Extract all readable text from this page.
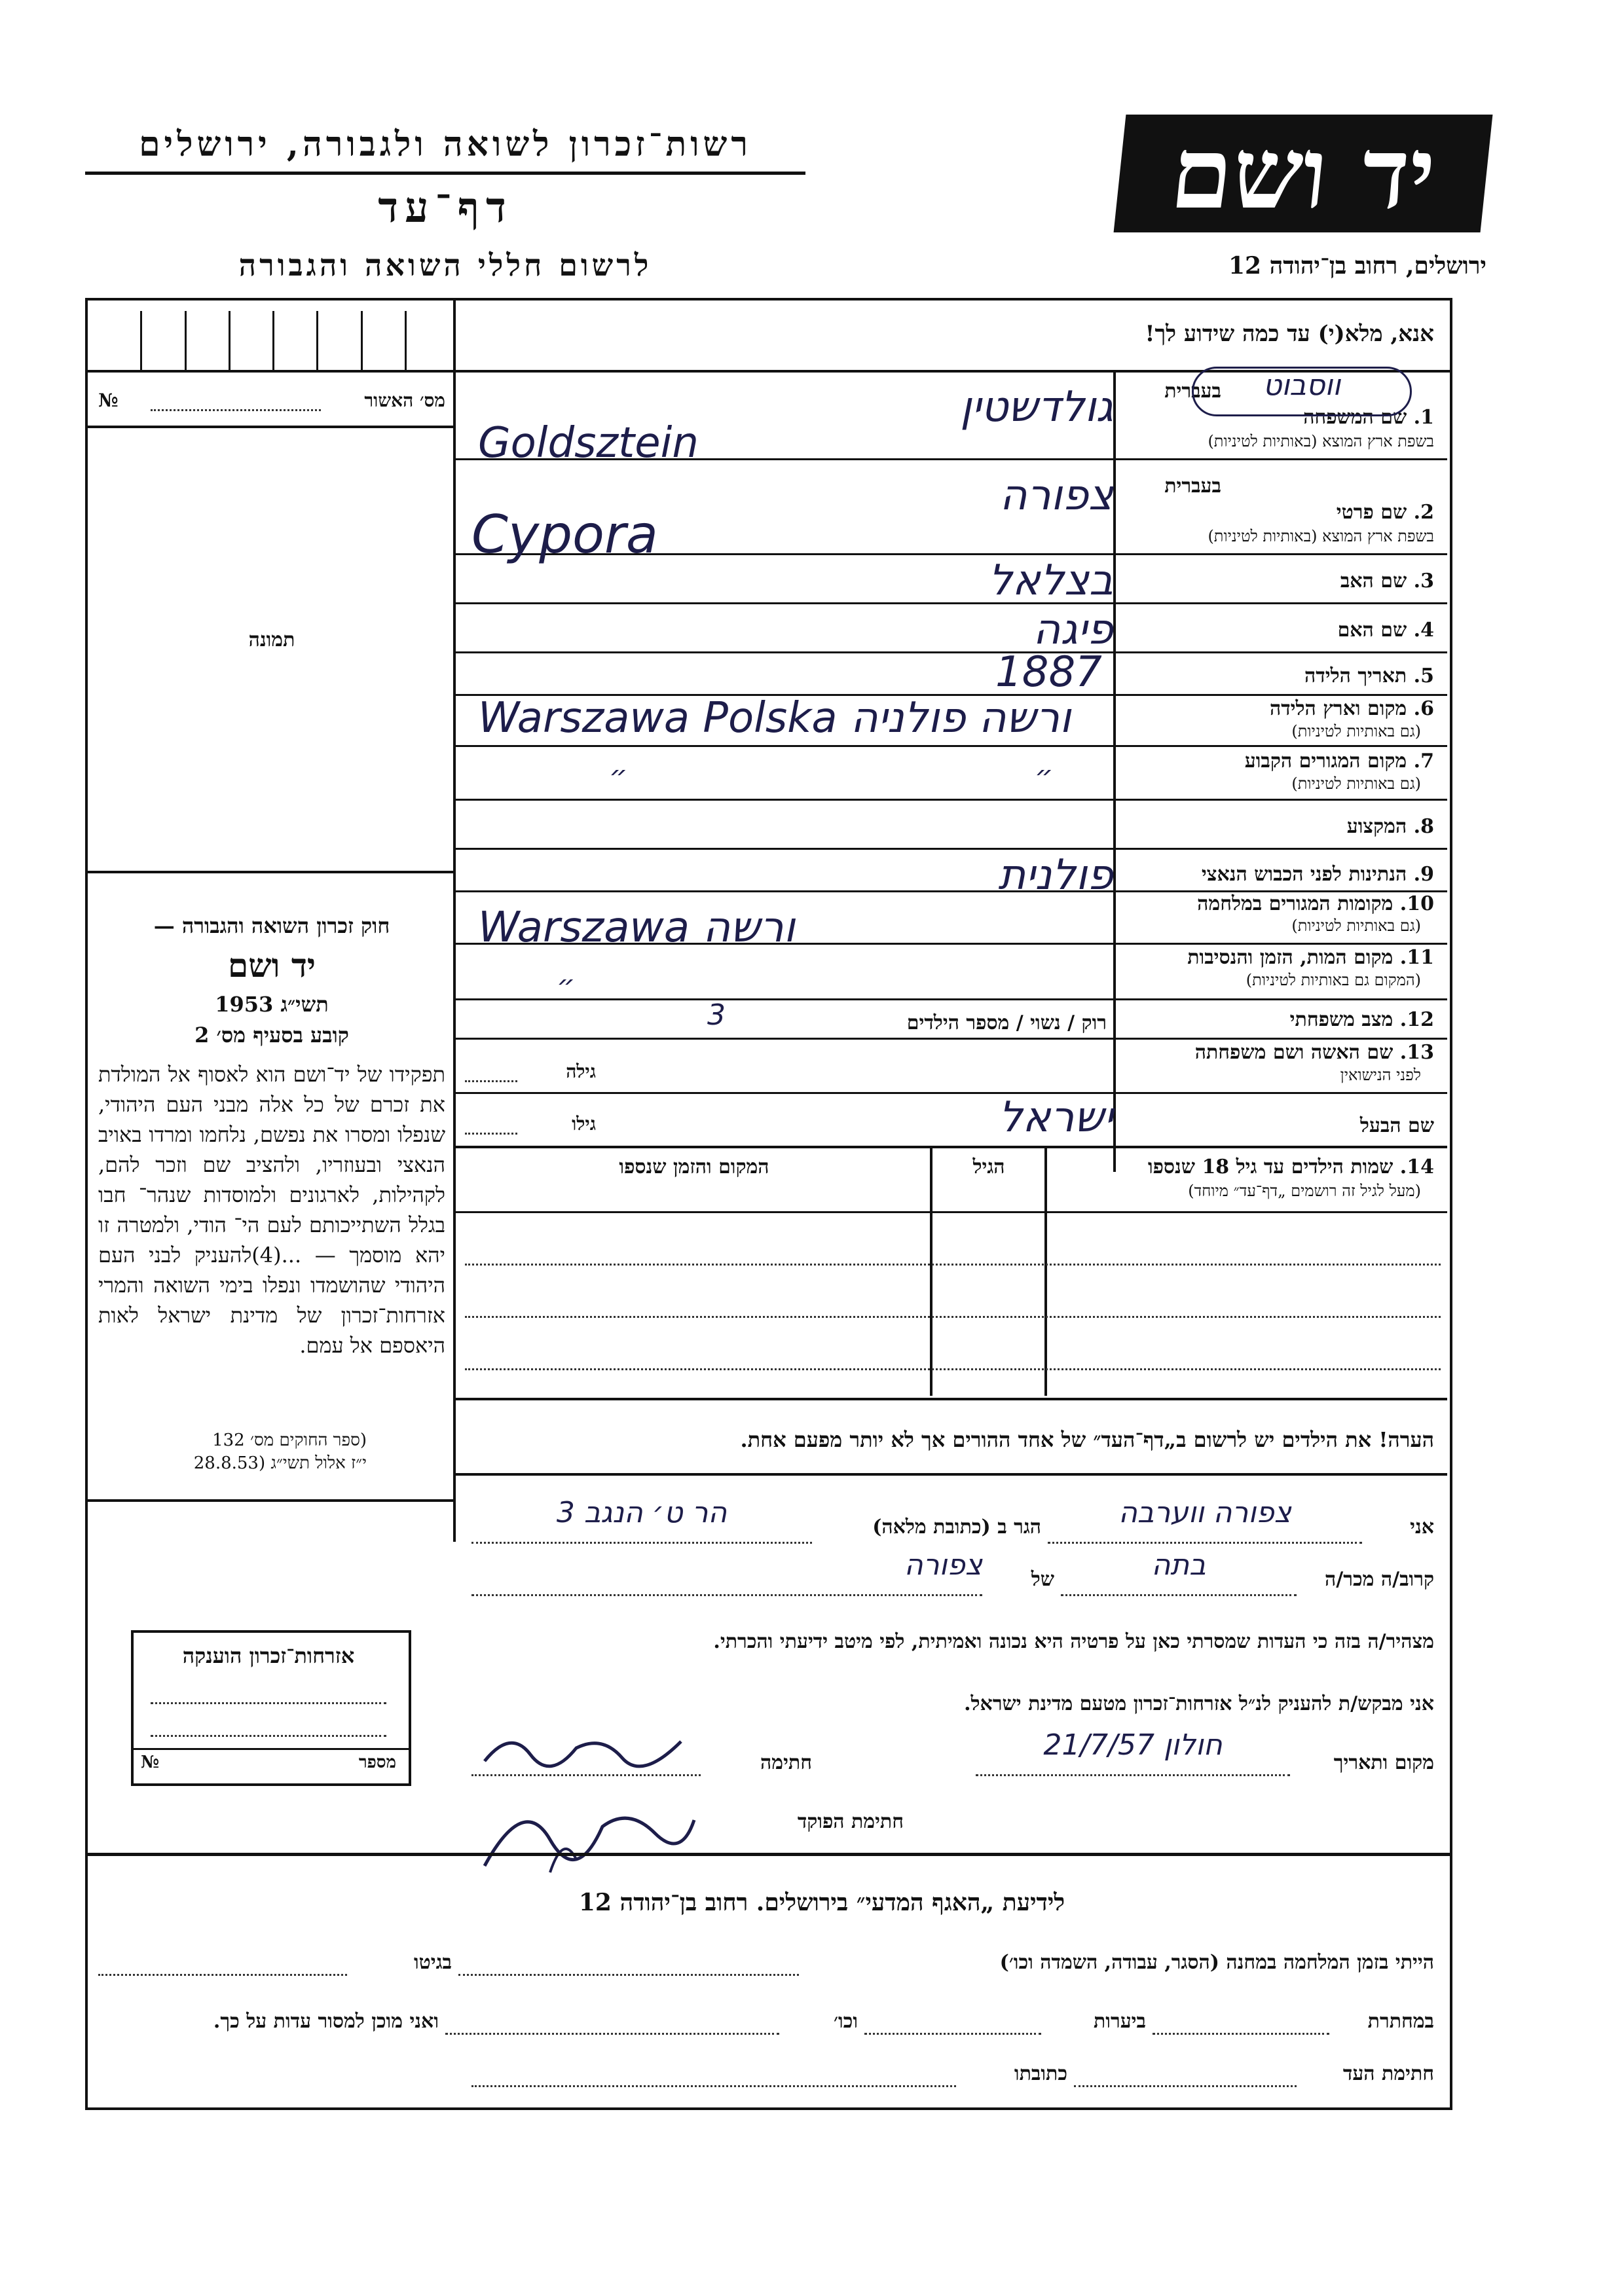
רשות־זכרון לשואה ולגבורה, ירושלים
דף־עד
לרשום חללי השואה והגבורה
יד ושם
ירושלים, רחוב בן־יהודה 12
אנא, מלא(י) עד כמה שידוע לך!
מס׳ האשור
№
תמונה
חוק זכרון השואה והגבורה —
יד ושם
תשי״ג 1953
קובע בסעיף מס׳ 2
תפקידו של יד־ושם הוא לאסוף אל המולדת את זכרם של כל אלה מבני העם היהודי, שנפלו ומסרו את נפשם, נלחמו ומרדו באויב הנאצי ובעוזריו, ולהציב שם וזכר להם, לקהילות, לארגונים ולמוסדות שנהר־ חבו בגלל השתייכותם לעם הי־ הודי, ולמטרה זו יהא מוסמך — ...(4)להעניק לבני העם היהודי שהושמדו ונפלו בימי השואה והמרי אזרחות־זכרון של מדינת ישראל לאות היאספם אל עמם.
(ספר החוקים מס׳ 132
י״ז אלול תשי״ג (28.8.53
אזרחות־זכרון הוענקה
מספר
№
בעברית
1. שם המשפחה
בשפת ארץ המוצא (באותיות לטיניות)
בעברית
2. שם פרטי
בשפת ארץ המוצא (באותיות לטיניות)
3. שם האב
4. שם האם
5. תאריך הלידה
6. מקום וארץ הלידה
(גם באותיות לטיניות)
7. מקום המגורים הקבוע
(גם באותיות לטיניות)
8. המקצוע
9. הנתינות לפני הכבוש הנאצי
10. מקומות המגורים במלחמה
(גם באותיות לטיניות)
11. מקום המות, הזמן והנסיבות
(המקום גם באותיות לטיניות)
12. מצב משפחתי
13. שם האשה ושם משפחתה
לפני הנישואין
שם הבעל
גולדשטין	ווסבוט
Goldsztein
צפורה
Cypora
בצלאל
פיגה
1887
Warszawa Polska ורשה פולניה
״	״
פולנית
Warszawa ורשה
״
רוק / נשוי / מספר הילדים
3
גילה
ישראל
גילו
14. שמות הילדים עד גיל 18 שנספו
(מעל לגיל זה רושמים „דף־עד״ מיוחד)
הגיל
המקום והזמן שנספו
הערה! את הילדים יש לרשום ב„דף־העד״ של אחד ההורים אך לא יותר מפעם אחת.
אני
צפורה ווערבה
הגר ב (כתובת מלאה)
הר ט׳ הנגב 3
קרוב/ה מכר/ה
בתה
של
צפורה
מצהיר/ה בזה כי העדות שמסרתי כאן על פרטיה היא נכונה ואמיתית, לפי מיטב ידיעתי והכרתי.
אני מבקש/ת להעניק לנ״ל אזרחות־זכרון מטעם מדינת ישראל.
מקום ותאריך
חולון 21/7/57
חתימה
חתימת הפוקד
לידיעת „האגף המדעי״ בירושלים. רחוב בן־יהודה 12
הייתי בזמן המלחמה במחנה (הסגר, עבודה, השמדה וכו׳)
בגיטו
במחתרת
ביערות
וכו׳
ואני מוכן למסור עדות על כך.
חתימת העד
כתובתו
